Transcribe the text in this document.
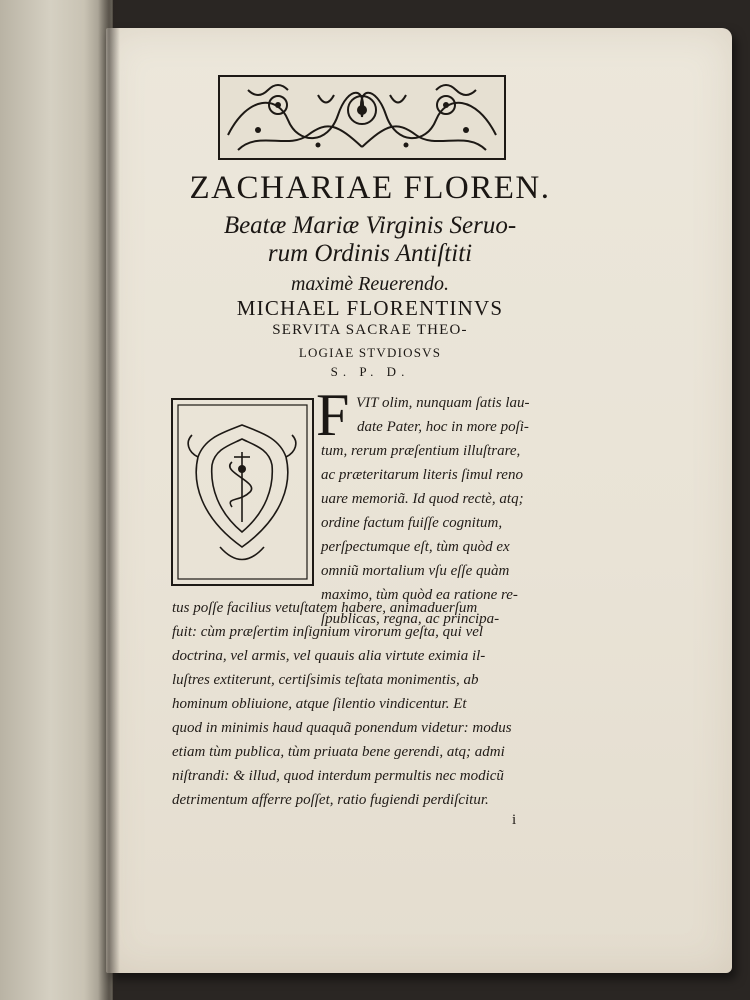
ZACHARIAE FLOREN.
Beatæ Mariæ Virginis Seruo-
rum Ordinis Antiſtiti
maximè Reuerendo.
MICHAEL FLORENTINVS
SERVITA SACRAE THEO-
LOGIAE STVDIOSVS
S. P. D.
F VIT olim, nunquam ſatis lau-
date Pater, hoc in more poſi-
tum, rerum præſentium illuſtrare,
ac præteritarum literis ſimul reno
uare memoriã. Id quod rectè, atq;
ordine factum fuiſſe cognitum,
perſpectumque eſt, tùm quòd ex
omniũ mortalium vſu eſſe quàm
maximo, tùm quòd ea ratione re-
ſpublicas, regna, ac principa-
tus poſſe facilius vetuſtatem habere, animaduerſum
fuit: cùm præſertim inſignium virorum geſta, qui vel
doctrina, vel armis, vel quauis alia virtute eximia il-
luſtres extiterunt, certiſsimis teſtata monimentis, ab
hominum obliuione, atque ſilentio vindicentur. Et
quod in minimis haud quaquã ponendum videtur: modus
etiam tùm publica, tùm priuata bene gerendi, atq; admi
niſtrandi: & illud, quod interdum permultis nec modicũ
detrimentum afferre poſſet, ratio fugiendi perdiſcitur.
i
